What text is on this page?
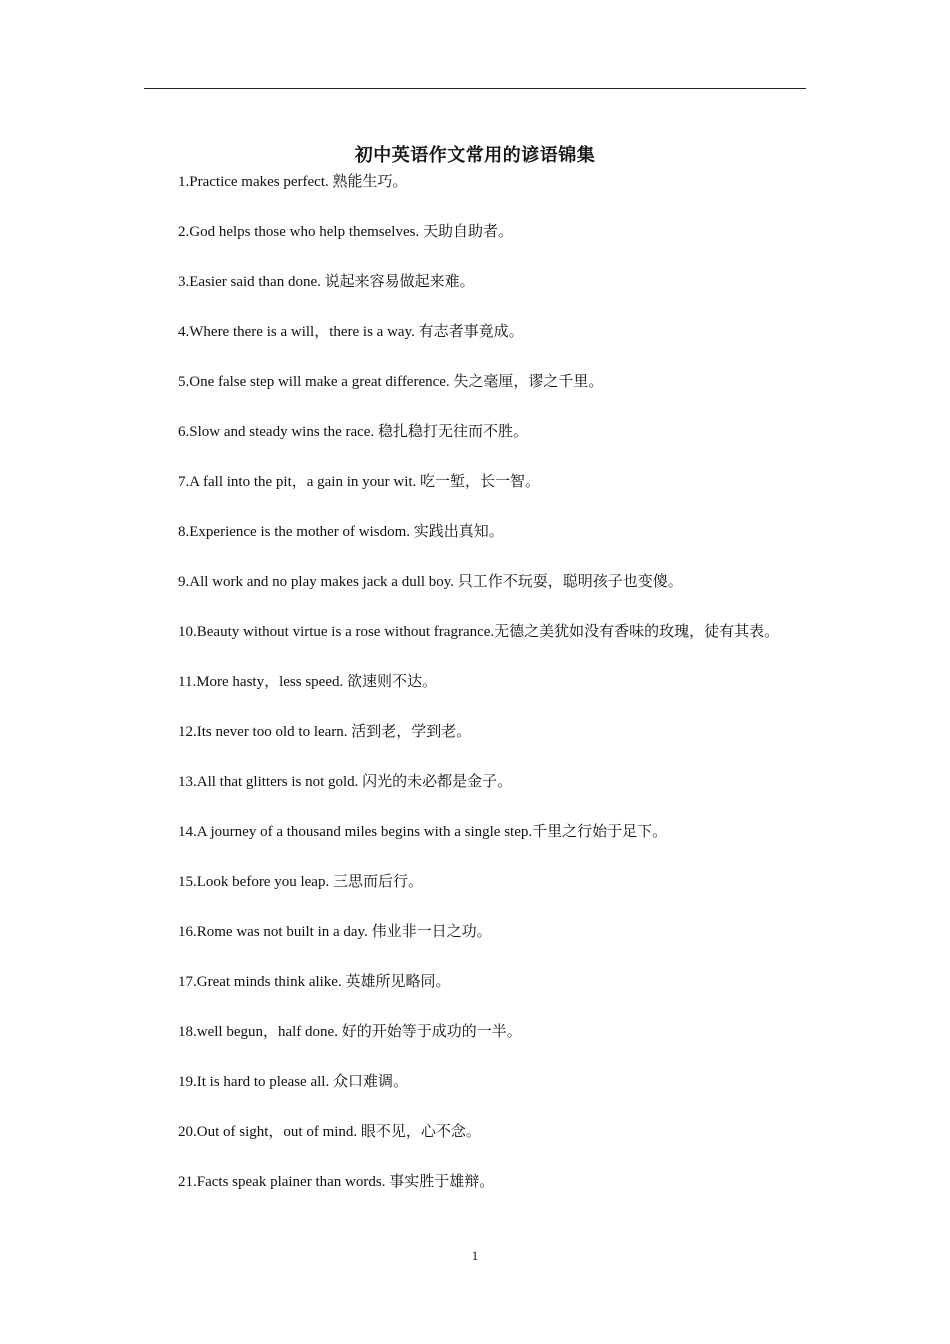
初中英语作文常用的谚语锦集
1.Practice makes perfect. 熟能生巧。
2.God helps those who help themselves. 天助自助者。
3.Easier said than done. 说起来容易做起来难。
4.Where there is a will，there is a way. 有志者事竟成。
5.One false step will make a great difference. 失之毫厘，谬之千里。
6.Slow and steady wins the race. 稳扎稳打无往而不胜。
7.A fall into the pit，a gain in your wit. 吃一堑，长一智。
8.Experience is the mother of wisdom. 实践出真知。
9.All work and no play makes jack a dull boy. 只工作不玩耍，聪明孩子也变傻。
10.Beauty without virtue is a rose without fragrance.无德之美犹如没有香味的玫瑰，徒有其表。
11.More hasty，less speed. 欲速则不达。
12.Its never too old to learn. 活到老，学到老。
13.All that glitters is not gold. 闪光的未必都是金子。
14.A journey of a thousand miles begins with a single step.千里之行始于足下。
15.Look before you leap. 三思而后行。
16.Rome was not built in a day. 伟业非一日之功。
17.Great minds think alike. 英雄所见略同。
18.well begun，half done. 好的开始等于成功的一半。
19.It is hard to please all. 众口难调。
20.Out of sight，out of mind. 眼不见，心不念。
21.Facts speak plainer than words. 事实胜于雄辩。
1
